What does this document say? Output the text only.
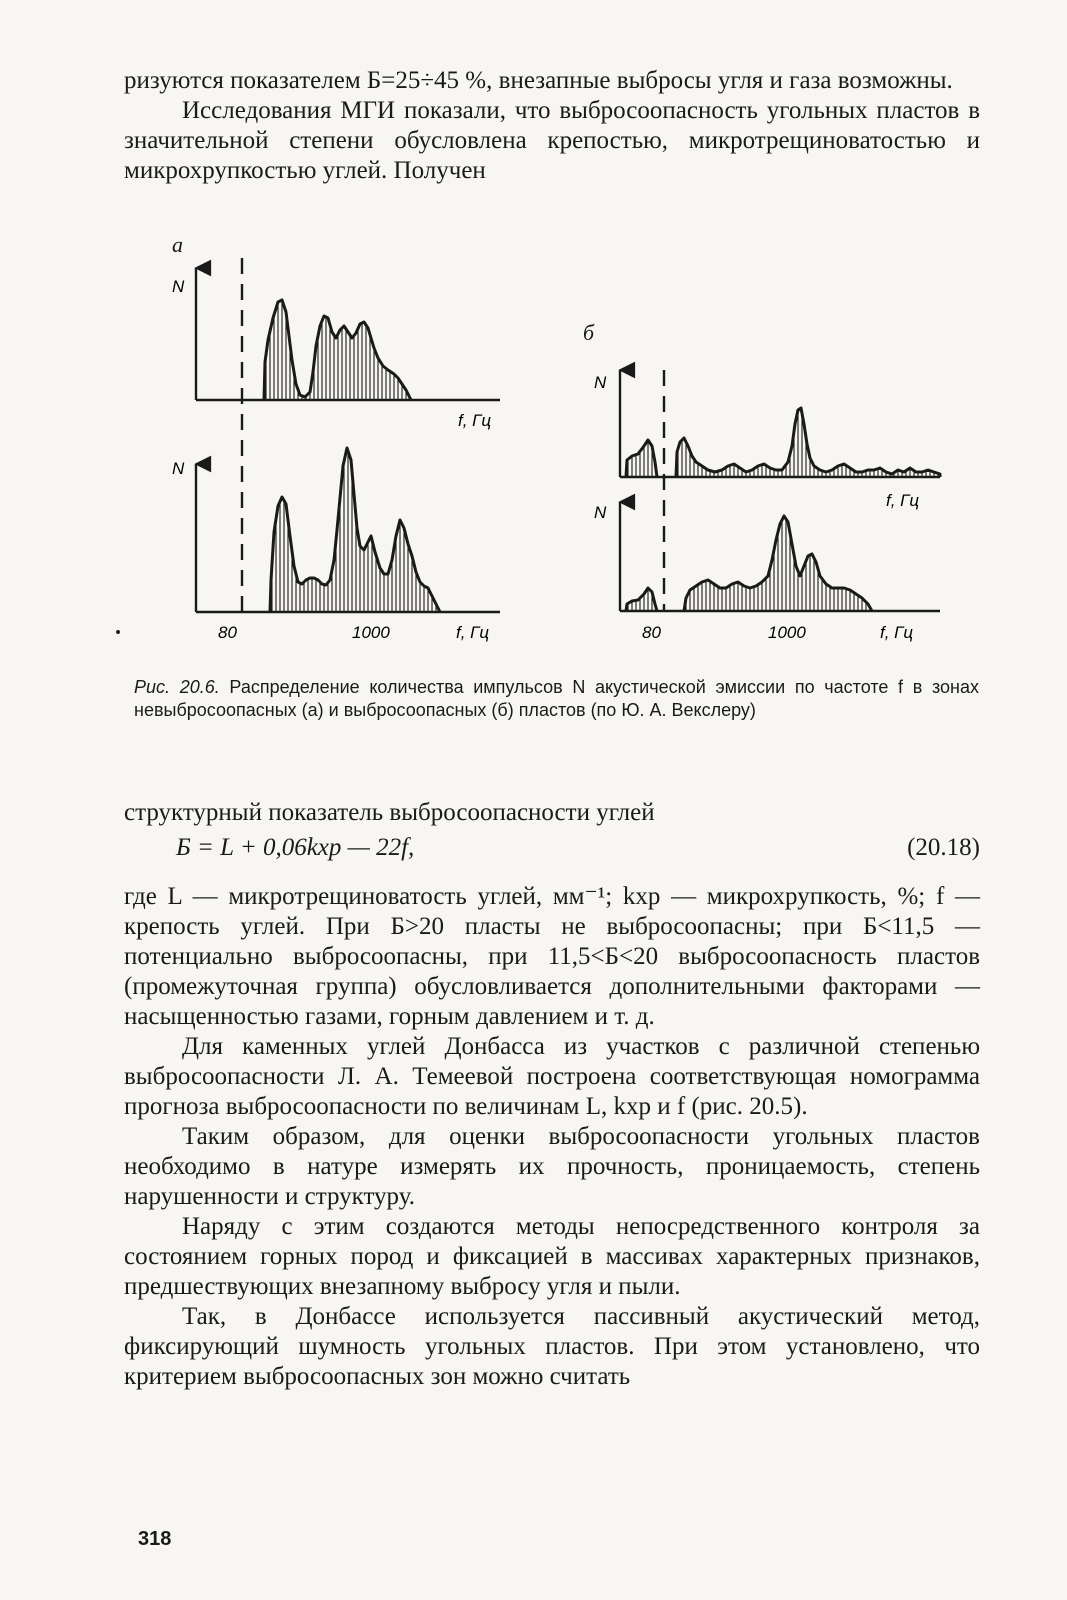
ризуются показателем Б=25÷45 %, внезапные выбросы угля и газа возможны.

Исследования МГИ показали, что выбросоопасность угольных пластов в значительной степени обусловлена крепостью, микротрещиноватостью и микрохрупкостью углей. Получен

а
б
N
f, Гц
N
f, Гц
80	1000
N
f, Гц
N
f, Гц
80	1000
Рис. 20.6. Распределение количества импульсов N акустической эмиссии по частоте f в зонах невыбросоопасных (а) и выбросоопасных (б) пластов (по Ю. А. Векслеру)

структурный показатель выбросоопасности углей

Б = L + 0,06kхр — 22f,	(20.18)

где L — микротрещиноватость углей, мм⁻¹; kхр — микрохрупкость, %; f — крепость углей. При Б>20 пласты не выбросоопасны; при Б<11,5 — потенциально выбросоопасны, при 11,5<Б<20 выбросоопасность пластов (промежуточная группа) обусловливается дополнительными факторами — насыщенностью газами, горным давлением и т. д.

Для каменных углей Донбасса из участков с различной степенью выбросоопасности Л. А. Темеевой построена соответствующая номограмма прогноза выбросоопасности по величинам L, kхр и f (рис. 20.5).

Таким образом, для оценки выбросоопасности угольных пластов необходимо в натуре измерять их прочность, проницаемость, степень нарушенности и структуру.

Наряду с этим создаются методы непосредственного контроля за состоянием горных пород и фиксацией в массивах характерных признаков, предшествующих внезапному выбросу угля и пыли.

Так, в Донбассе используется пассивный акустический метод, фиксирующий шумность угольных пластов. При этом установлено, что критерием выбросоопасных зон можно считать

318
